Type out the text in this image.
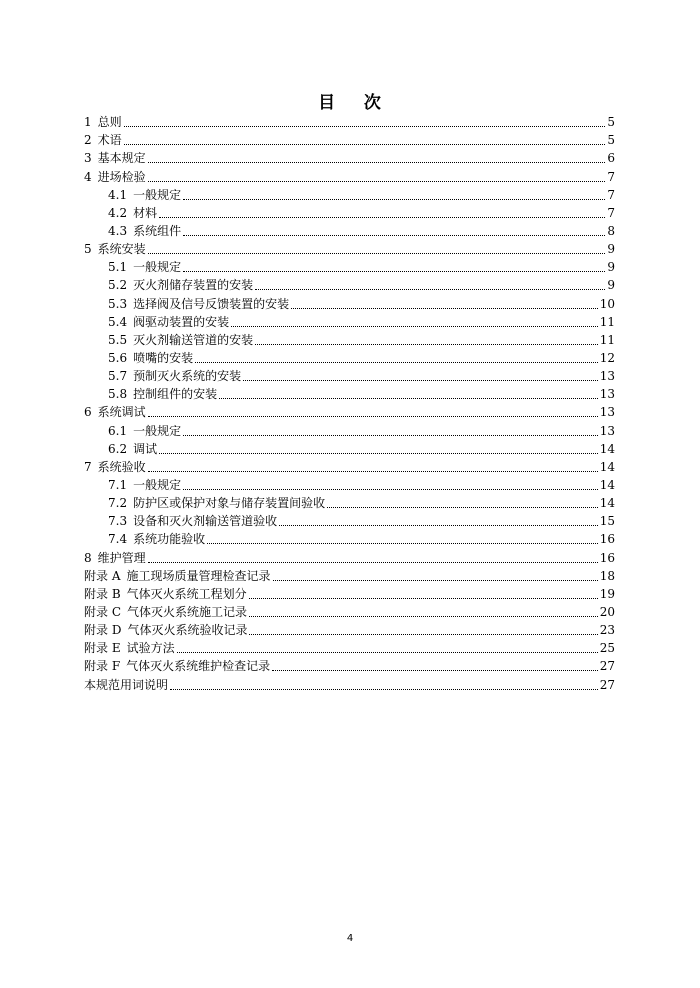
目    次
1 总则	5
2 术语	5
3 基本规定	6
4 进场检验	7
4.1 一般规定	7
4.2 材料	7
4.3 系统组件	8
5 系统安装	9
5.1 一般规定	9
5.2 灭火剂储存装置的安装	9
5.3 选择阀及信号反馈装置的安装	10
5.4 阀驱动装置的安装	11
5.5 灭火剂输送管道的安装	11
5.6 喷嘴的安装	12
5.7 预制灭火系统的安装	13
5.8 控制组件的安装	13
6 系统调试	13
6.1 一般规定	13
6.2 调试	14
7 系统验收	14
7.1 一般规定	14
7.2 防护区或保护对象与储存装置间验收	14
7.3 设备和灭火剂输送管道验收	15
7.4 系统功能验收	16
8 维护管理	16
附录 A 施工现场质量管理检查记录	18
附录 B 气体灭火系统工程划分	19
附录 C 气体灭火系统施工记录	20
附录 D 气体灭火系统验收记录	23
附录 E 试验方法	25
附录 F 气体灭火系统维护检查记录	27
本规范用词说明	27
4
